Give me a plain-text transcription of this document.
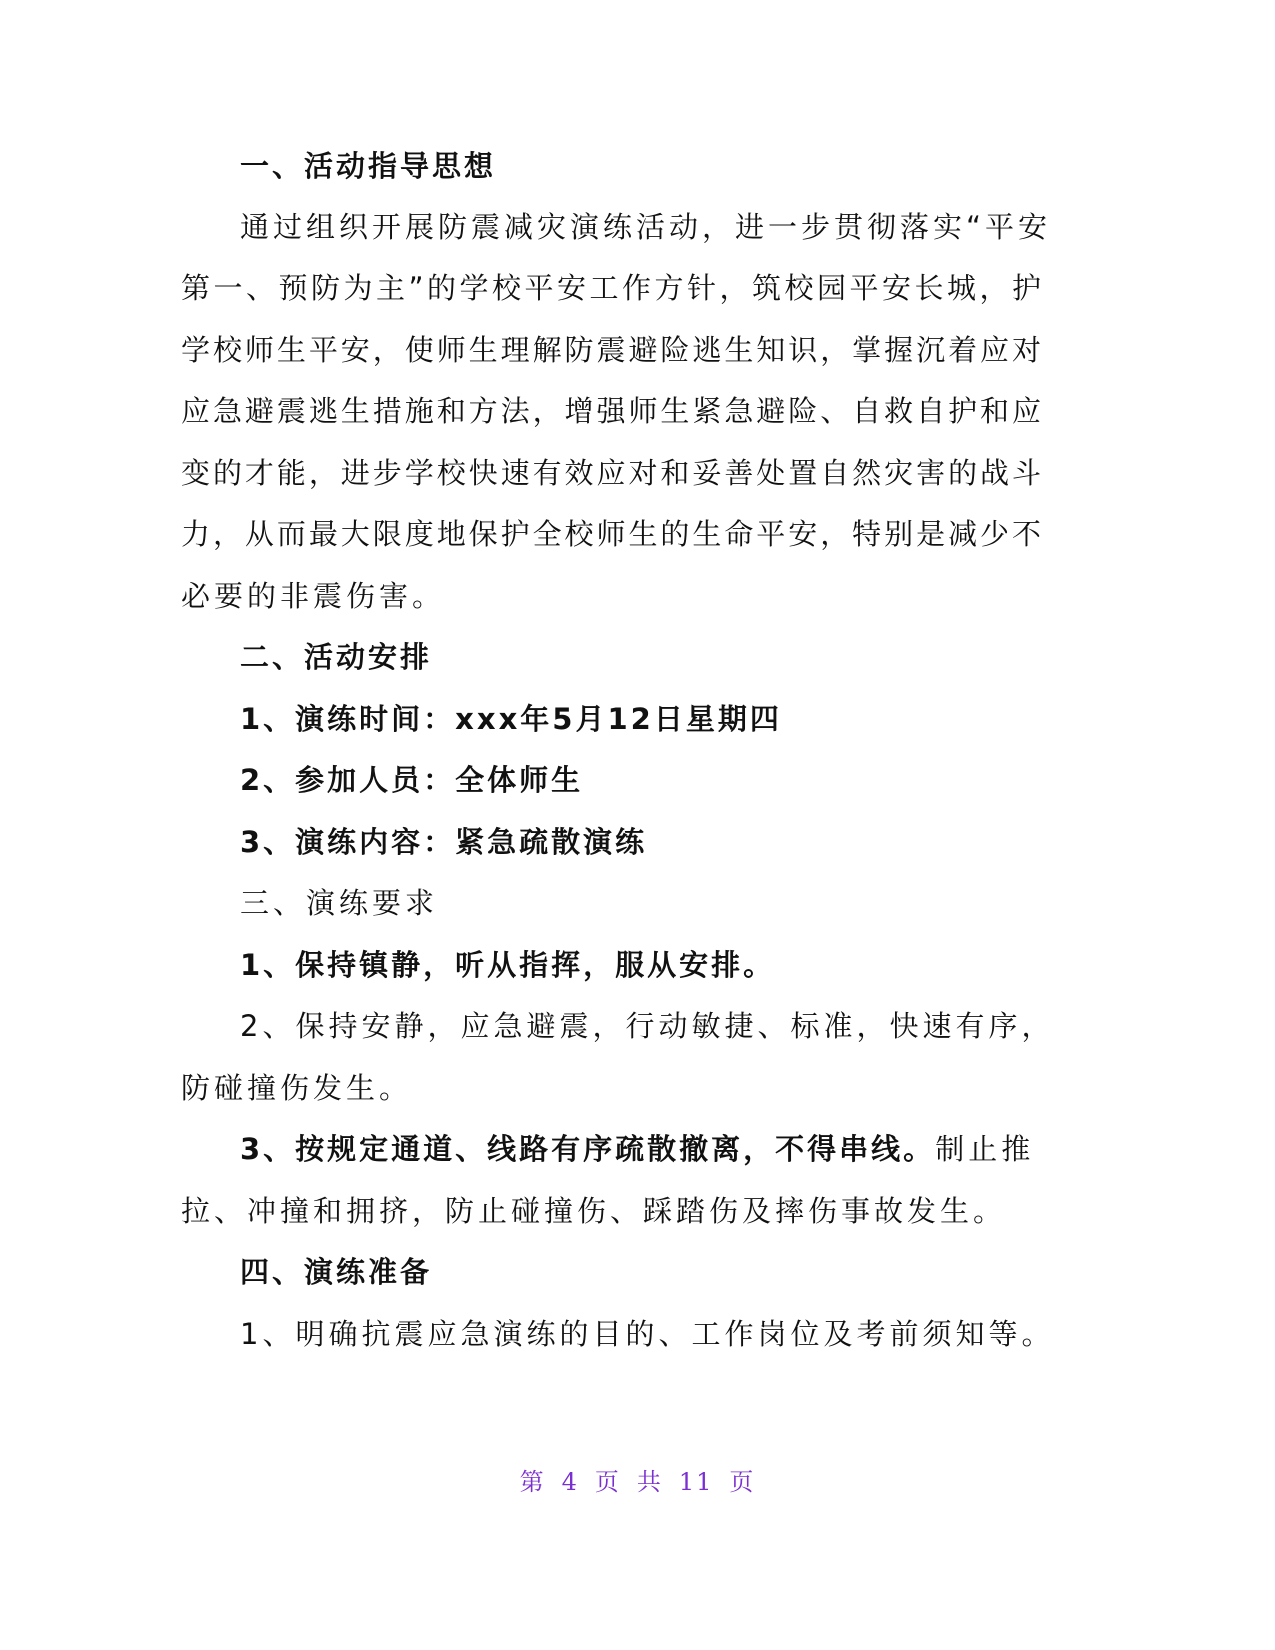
一、活动指导思想
通过组织开展防震减灾演练活动，进一步贯彻落实“平安
第一、预防为主”的学校平安工作方针，筑校园平安长城，护
学校师生平安，使师生理解防震避险逃生知识，掌握沉着应对
应急避震逃生措施和方法，增强师生紧急避险、自救自护和应
变的才能，进步学校快速有效应对和妥善处置自然灾害的战斗
力，从而最大限度地保护全校师生的生命平安，特别是减少不
必要的非震伤害。
二、活动安排
1、演练时间：xxx年5月12日星期四
2、参加人员：全体师生
3、演练内容：紧急疏散演练
三、演练要求
1、保持镇静，听从指挥，服从安排。
2、保持安静，应急避震，行动敏捷、标准，快速有序，
防碰撞伤发生。
3、按规定通道、线路有序疏散撤离，不得串线。制止推
拉、冲撞和拥挤，防止碰撞伤、踩踏伤及摔伤事故发生。
四、演练准备
1、明确抗震应急演练的目的、工作岗位及考前须知等。
第 4 页 共 11 页
